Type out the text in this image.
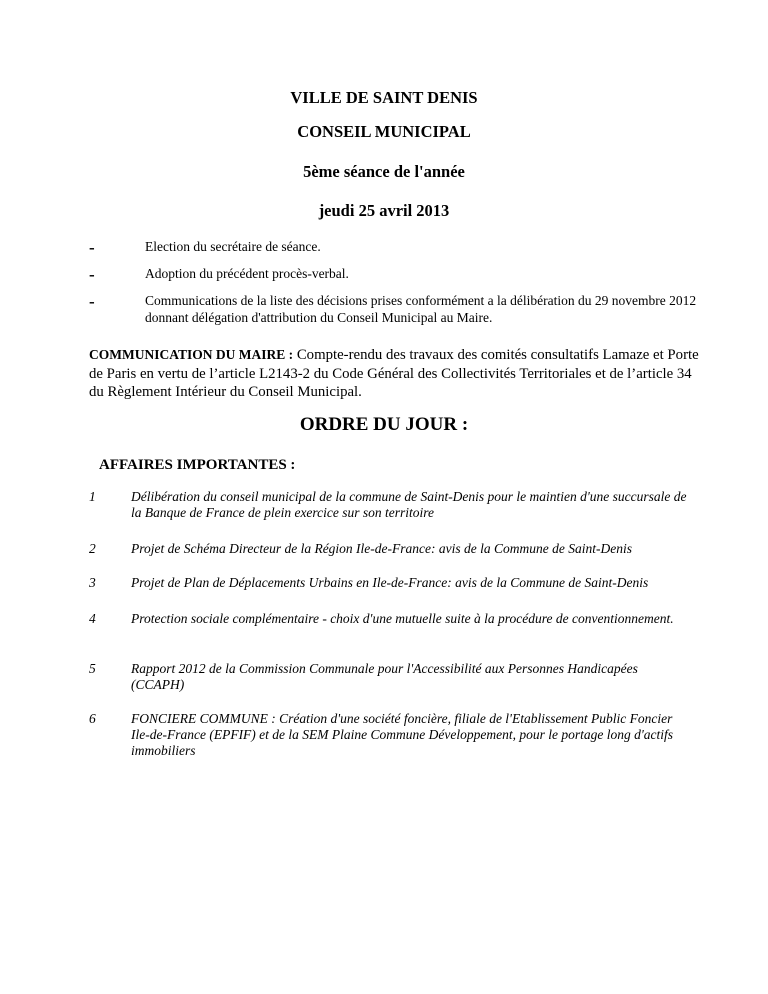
VILLE DE SAINT DENIS
CONSEIL MUNICIPAL
5ème séance de l'année
jeudi 25 avril 2013
-	Election du secrétaire de séance.
-	Adoption du précédent procès-verbal.
-	Communications de la liste des décisions prises conformément a la délibération du 29 novembre 2012 donnant délégation d'attribution du Conseil Municipal au Maire.
COMMUNICATION DU MAIRE : Compte-rendu des travaux des comités consultatifs Lamaze et Porte de Paris en vertu de l’article L2143-2 du Code Général des Collectivités Territoriales et de l’article 34 du Règlement Intérieur du Conseil Municipal.
ORDRE DU JOUR :
AFFAIRES IMPORTANTES :
1	Délibération du conseil municipal de la commune de Saint-Denis pour le maintien d'une succursale de la Banque de France de plein exercice sur son territoire
2	Projet de Schéma Directeur de la Région Ile-de-France: avis de la Commune de Saint-Denis
3	Projet de Plan de Déplacements Urbains en Ile-de-France: avis de la Commune de Saint-Denis
4	Protection sociale complémentaire - choix d'une mutuelle suite à la procédure de conventionnement.
5	Rapport 2012 de la Commission Communale pour l'Accessibilité aux Personnes Handicapées (CCAPH)
6	FONCIERE COMMUNE : Création d'une société foncière, filiale de l'Etablissement Public Foncier Ile-de-France (EPFIF) et de la SEM Plaine Commune Développement, pour le portage long d'actifs immobiliers
